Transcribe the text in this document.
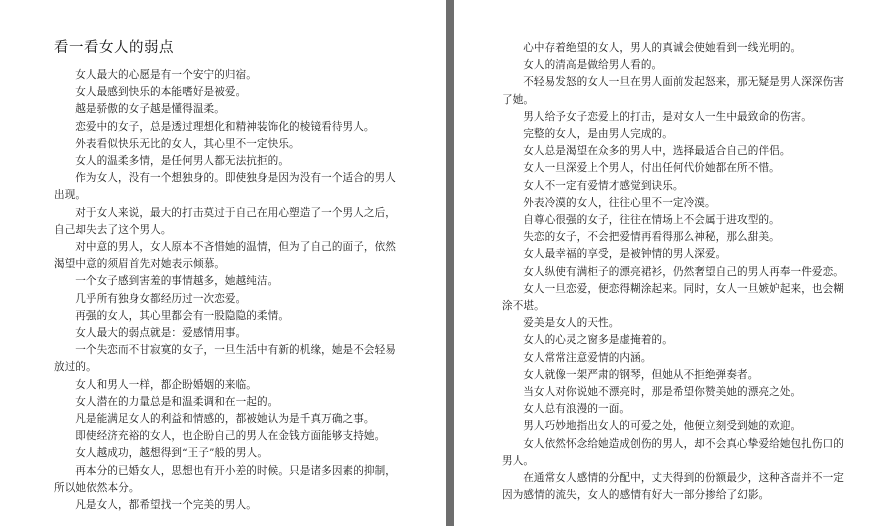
看一看女人的弱点

女人最大的心愿是有一个安宁的归宿。

女人最感到快乐的本能嗜好是被爱。

越是骄傲的女子越是懂得温柔。

恋爱中的女子，总是透过理想化和精神装饰化的棱镜看待男人。

外表看似快乐无比的女人，其心里不一定快乐。

女人的温柔多情，是任何男人都无法抗拒的。

作为女人，没有一个想独身的。即使独身是因为没有一个适合的男人出现。

对于女人来说，最大的打击莫过于自己在用心塑造了一个男人之后，自己却失去了这个男人。

对中意的男人，女人原本不吝惜她的温情，但为了自己的面子，依然渴望中意的须眉首先对她表示倾慕。

一个女子感到害羞的事情越多，她越纯洁。

几乎所有独身女都经历过一次恋爱。

再强的女人，其心里都会有一股隐隐的柔情。

女人最大的弱点就是：爱感情用事。

一个失恋而不甘寂寞的女子，一旦生活中有新的机缘，她是不会轻易放过的。

女人和男人一样，都企盼婚姻的来临。

女人潜在的力量总是和温柔调和在一起的。

凡是能满足女人的利益和情感的，都被她认为是千真万确之事。

即使经济充裕的女人，也企盼自己的男人在金钱方面能够支持她。

女人越成功，越想得到“王子”般的男人。

再本分的已婚女人，思想也有开小差的时候。只是诸多因素的抑制，所以她依然本分。

凡是女人，都希望找一个完美的男人。

心中存着绝望的女人，男人的真诚会使她看到一线光明的。

女人的清高是做给男人看的。

不轻易发怒的女人一旦在男人面前发起怒来，那无疑是男人深深伤害了她。

男人给予女子恋爱上的打击，是对女人一生中最致命的伤害。

完整的女人，是由男人完成的。

女人总是渴望在众多的男人中，选择最适合自己的伴侣。

女人一旦深爱上个男人，付出任何代价她都在所不惜。

女人不一定有爱情才感觉到诀乐。

外表冷漠的女人，往往心里不一定冷漠。

自尊心很强的女子，往往在情场上不会属于进攻型的。

失恋的女子，不会把爱情再看得那么神秘，那么甜美。

女人最幸福的享受，是被钟情的男人深爱。

女人纵使有满柜子的漂亮裙衫，仍然奢望自己的男人再奉一件爱恋。

女人一旦恋爱，便恋得糊涂起来。同时，女人一旦嫉妒起来，也会糊涂不堪。

爱美是女人的天性。

女人的心灵之窗多是虚掩着的。

女人常常注意爱情的内涵。

女人就像一架严肃的钢琴，但她从不拒绝弹奏者。

当女人对你说她不漂亮时，那是希望你赞美她的漂亮之处。

女人总有浪漫的一面。

男人巧妙地指出女人的可爱之处，他便立刻受到她的欢迎。

女人依然怀念给她造成创伤的男人，却不会真心挚爱给她包扎伤口的男人。

在通常女人感情的分配中，丈夫得到的份额最少，这种吝啬并不一定因为感情的流失，女人的感情有好大一部分掺给了幻影。
